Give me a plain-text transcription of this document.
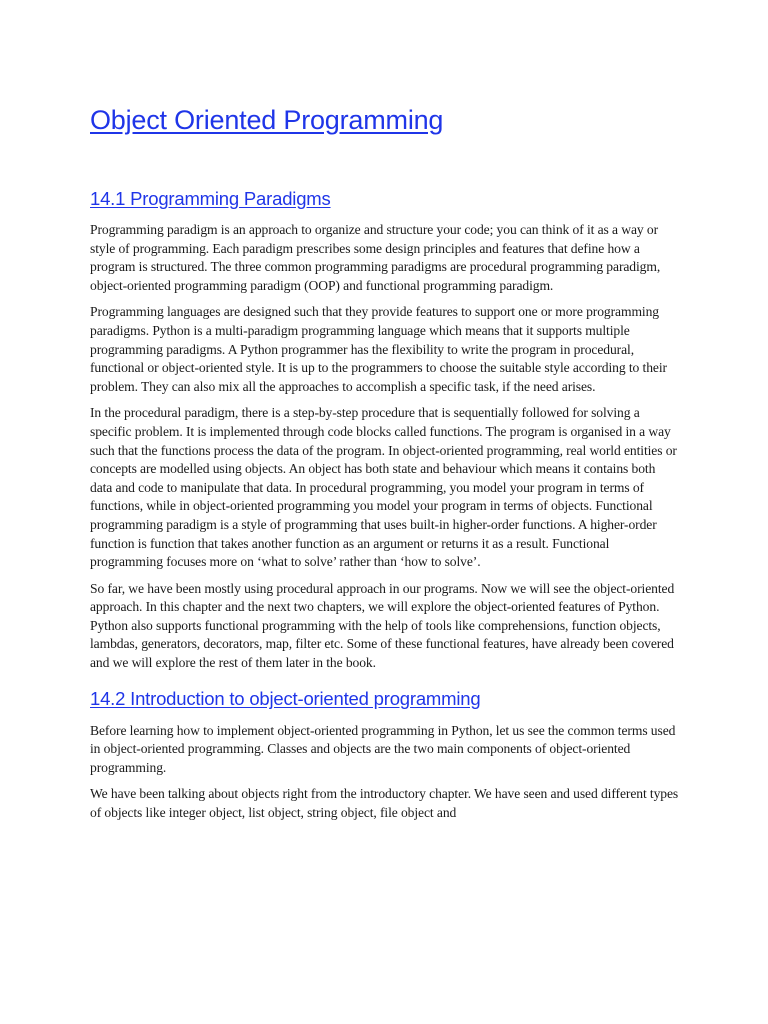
Object Oriented Programming
14.1 Programming Paradigms

Programming paradigm is an approach to organize and structure your code; you can think of it as a way or style of programming. Each paradigm prescribes some design principles and features that define how a program is structured. The three common programming paradigms are procedural programming paradigm, object-oriented programming paradigm (OOP) and functional programming paradigm.

Programming languages are designed such that they provide features to support one or more programming paradigms. Python is a multi-paradigm programming language which means that it supports multiple programming paradigms. A Python programmer has the flexibility to write the program in procedural, functional or object-oriented style. It is up to the programmers to choose the suitable style according to their problem. They can also mix all the approaches to accomplish a specific task, if the need arises.

In the procedural paradigm, there is a step-by-step procedure that is sequentially followed for solving a specific problem. It is implemented through code blocks called functions. The program is organised in a way such that the functions process the data of the program. In object-oriented programming, real world entities or concepts are modelled using objects. An object has both state and behaviour which means it contains both data and code to manipulate that data. In procedural programming, you model your program in terms of functions, while in object-oriented programming you model your program in terms of objects. Functional programming paradigm is a style of programming that uses built-in higher-order functions. A higher-order function is function that takes another function as an argument or returns it as a result. Functional programming focuses more on ‘what to solve’ rather than ‘how to solve’.

So far, we have been mostly using procedural approach in our programs. Now we will see the object-oriented approach. In this chapter and the next two chapters, we will explore the object-oriented features of Python. Python also supports functional programming with the help of tools like comprehensions, function objects, lambdas, generators, decorators, map, filter etc. Some of these functional features, have already been covered and we will explore the rest of them later in the book.

14.2 Introduction to object-oriented programming

Before learning how to implement object-oriented programming in Python, let us see the common terms used in object-oriented programming. Classes and objects are the two main components of object-oriented programming.

We have been talking about objects right from the introductory chapter. We have seen and used different types of objects like integer object, list object, string object, file object and
